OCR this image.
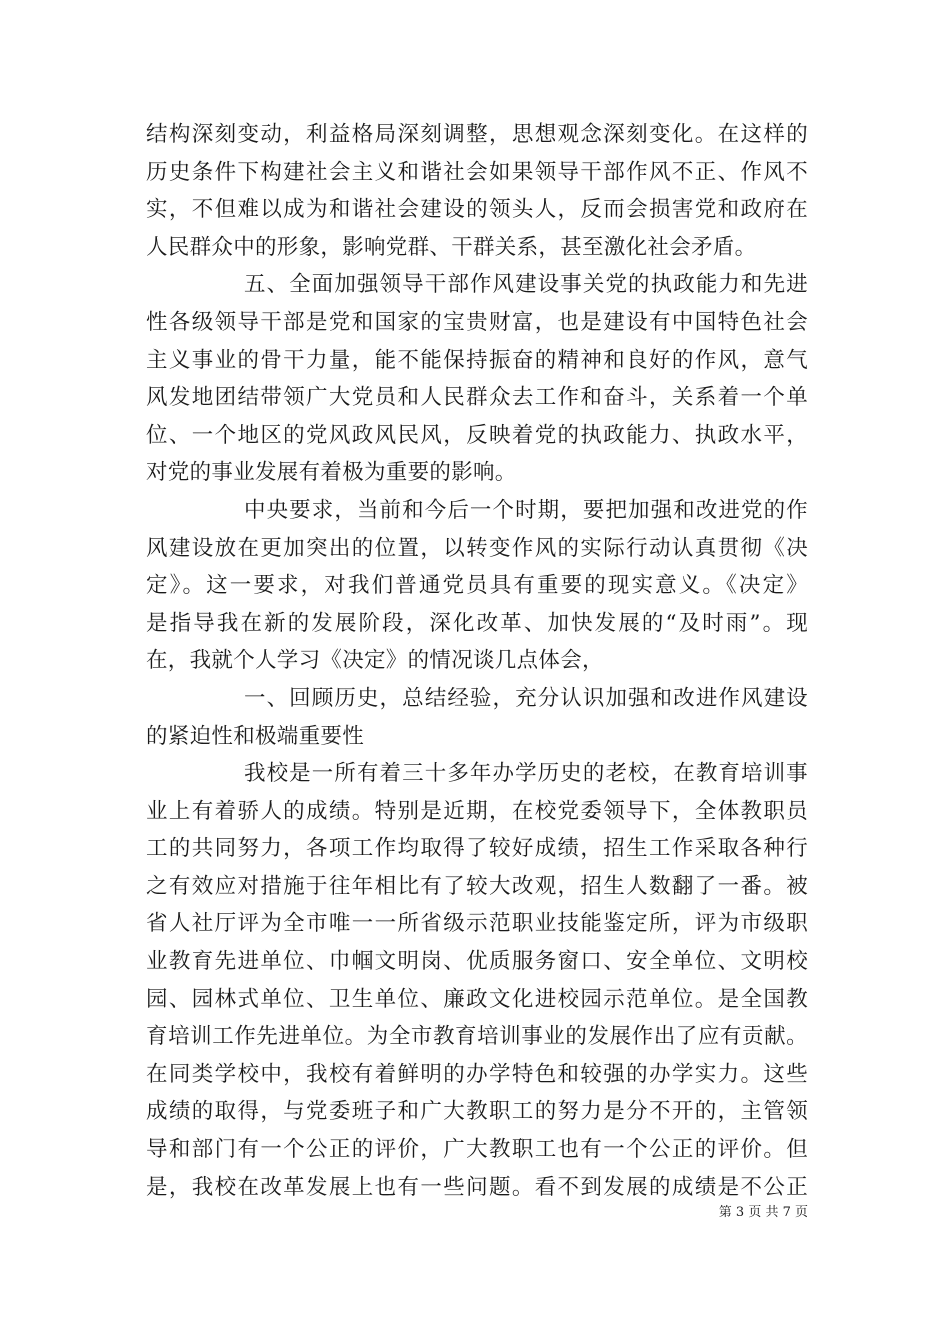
结构深刻变动，利益格局深刻调整，思想观念深刻变化。在这样的
历史条件下构建社会主义和谐社会如果领导干部作风不正、作风不
实，不但难以成为和谐社会建设的领头人，反而会损害党和政府在
人民群众中的形象，影响党群、干群关系，甚至激化社会矛盾。
五、全面加强领导干部作风建设事关党的执政能力和先进
性各级领导干部是党和国家的宝贵财富，也是建设有中国特色社会
主义事业的骨干力量，能不能保持振奋的精神和良好的作风，意气
风发地团结带领广大党员和人民群众去工作和奋斗，关系着一个单
位、一个地区的党风政风民风，反映着党的执政能力、执政水平，
对党的事业发展有着极为重要的影响。
中央要求，当前和今后一个时期，要把加强和改进党的作
风建设放在更加突出的位置，以转变作风的实际行动认真贯彻《决
定》。这一要求，对我们普通党员具有重要的现实意义。《决定》
是指导我在新的发展阶段，深化改革、加快发展的“及时雨”。现
在，我就个人学习《决定》的情况谈几点体会，
一、回顾历史，总结经验，充分认识加强和改进作风建设
的紧迫性和极端重要性
我校是一所有着三十多年办学历史的老校，在教育培训事
业上有着骄人的成绩。特别是近期，在校党委领导下，全体教职员
工的共同努力，各项工作均取得了较好成绩，招生工作采取各种行
之有效应对措施于往年相比有了较大改观，招生人数翻了一番。被
省人社厅评为全市唯一一所省级示范职业技能鉴定所，评为市级职
业教育先进单位、巾帼文明岗、优质服务窗口、安全单位、文明校
园、园林式单位、卫生单位、廉政文化进校园示范单位。是全国教
育培训工作先进单位。为全市教育培训事业的发展作出了应有贡献。
在同类学校中，我校有着鲜明的办学特色和较强的办学实力。这些
成绩的取得，与党委班子和广大教职工的努力是分不开的，主管领
导和部门有一个公正的评价，广大教职工也有一个公正的评价。但
是，我校在改革发展上也有一些问题。看不到发展的成绩是不公正
第 3 页 共 7 页
